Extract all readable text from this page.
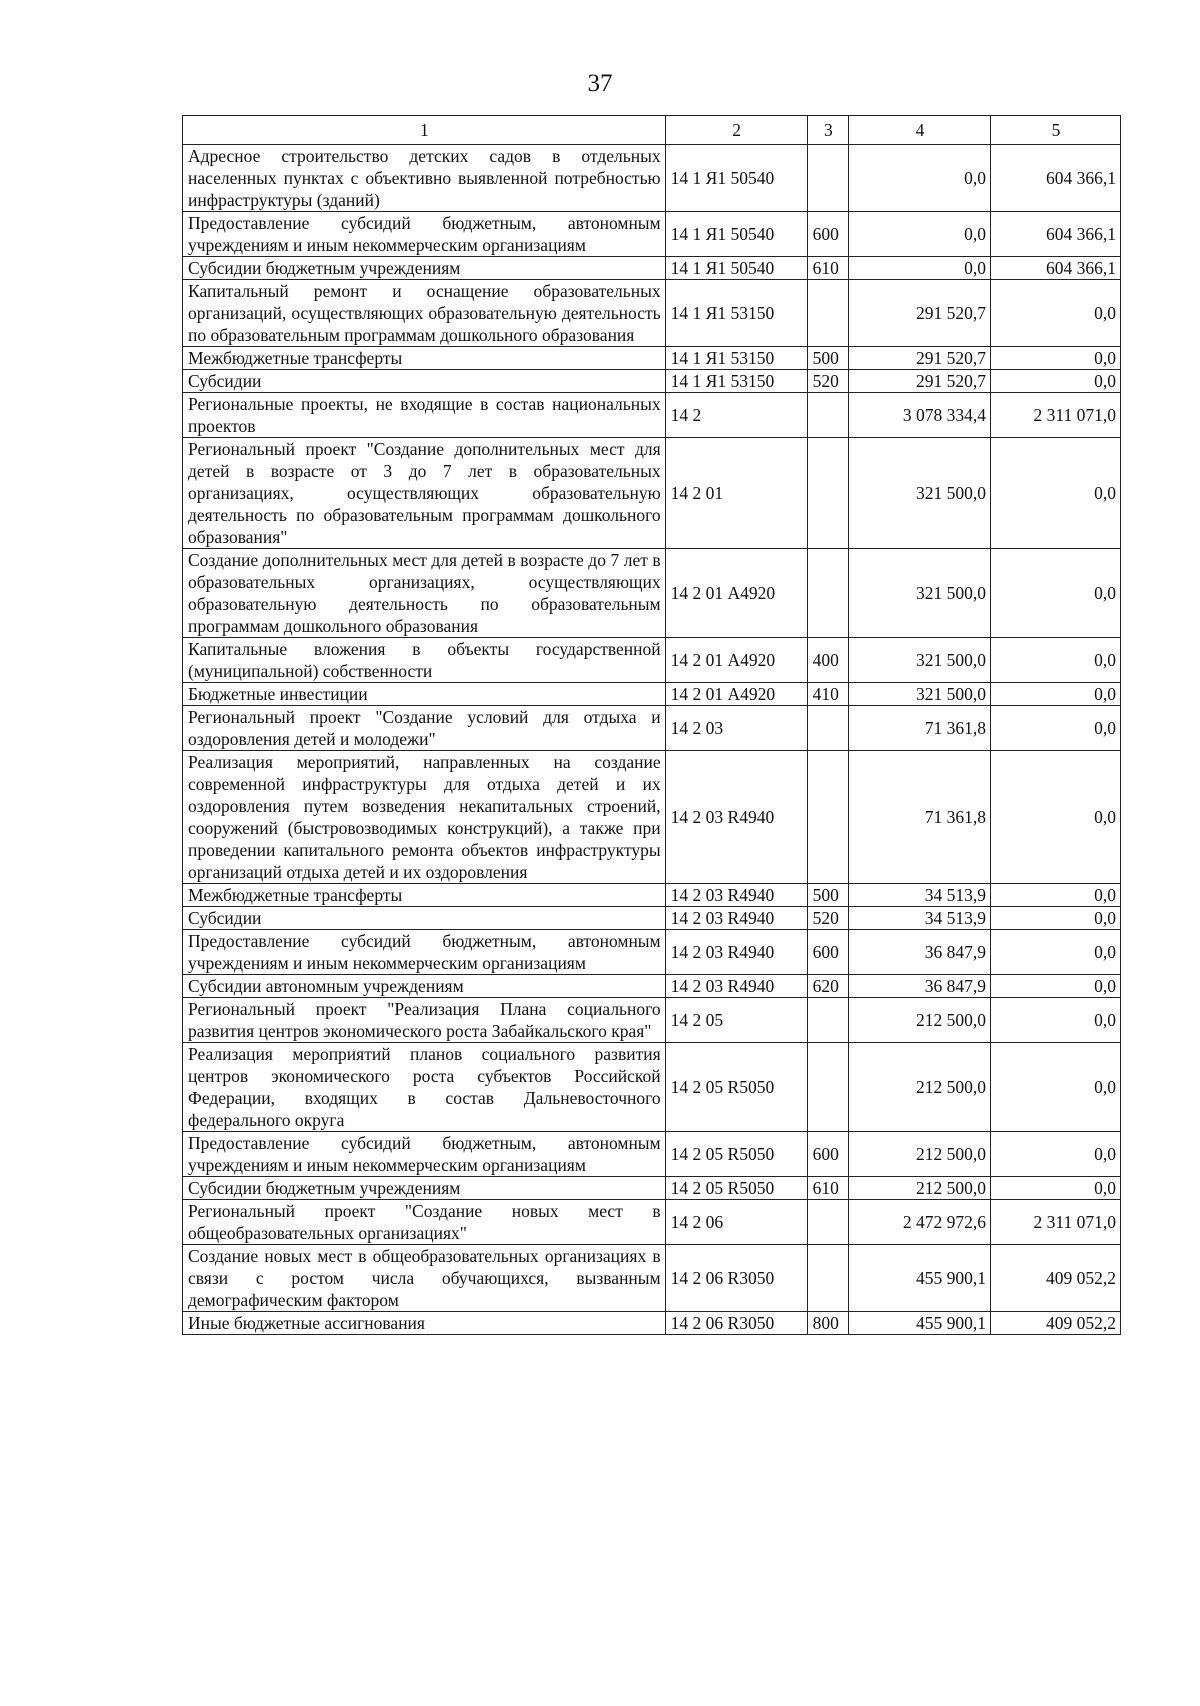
37
1	2	3	4	5
Адресное строительство детских садов в отдельных населенных пунктах с объективно выявленной потребностью инфраструктуры (зданий)	14 1 Я1 50540		0,0	604 366,1
Предоставление субсидий бюджетным, автономным учреждениям и иным некоммерческим организациям	14 1 Я1 50540	600	0,0	604 366,1
Субсидии бюджетным учреждениям	14 1 Я1 50540	610	0,0	604 366,1
Капитальный ремонт и оснащение образовательных организаций, осуществляющих образовательную деятельность по образовательным программам дошкольного образования	14 1 Я1 53150		291 520,7	0,0
Межбюджетные трансферты	14 1 Я1 53150	500	291 520,7	0,0
Субсидии	14 1 Я1 53150	520	291 520,7	0,0
Региональные проекты, не входящие в состав национальных проектов	14 2		3 078 334,4	2 311 071,0
Региональный проект "Создание дополнительных мест для детей в возрасте от 3 до 7 лет в образовательных организациях, осуществляющих образовательную деятельность по образовательным программам дошкольного образования"	14 2 01		321 500,0	0,0
Создание дополнительных мест для детей в возрасте до 7 лет в образовательных организациях, осуществляющих образовательную деятельность по образовательным программам дошкольного образования	14 2 01 А4920		321 500,0	0,0
Капитальные вложения в объекты государственной (муниципальной) собственности	14 2 01 А4920	400	321 500,0	0,0
Бюджетные инвестиции	14 2 01 А4920	410	321 500,0	0,0
Региональный проект "Создание условий для отдыха и оздоровления детей и молодежи"	14 2 03		71 361,8	0,0
Реализация мероприятий, направленных на создание современной инфраструктуры для отдыха детей и их оздоровления путем возведения некапитальных строений, сооружений (быстровозводимых конструкций), а также при проведении капитального ремонта объектов инфраструктуры организаций отдыха детей и их оздоровления	14 2 03 R4940		71 361,8	0,0
Межбюджетные трансферты	14 2 03 R4940	500	34 513,9	0,0
Субсидии	14 2 03 R4940	520	34 513,9	0,0
Предоставление субсидий бюджетным, автономным учреждениям и иным некоммерческим организациям	14 2 03 R4940	600	36 847,9	0,0
Субсидии автономным учреждениям	14 2 03 R4940	620	36 847,9	0,0
Региональный проект "Реализация Плана социального развития центров экономического роста Забайкальского края"	14 2 05		212 500,0	0,0
Реализация мероприятий планов социального развития центров экономического роста субъектов Российской Федерации, входящих в состав Дальневосточного федерального округа	14 2 05 R5050		212 500,0	0,0
Предоставление субсидий бюджетным, автономным учреждениям и иным некоммерческим организациям	14 2 05 R5050	600	212 500,0	0,0
Субсидии бюджетным учреждениям	14 2 05 R5050	610	212 500,0	0,0
Региональный проект "Создание новых мест в общеобразовательных организациях"	14 2 06		2 472 972,6	2 311 071,0
Создание новых мест в общеобразовательных организациях в связи с ростом числа обучающихся, вызванным демографическим фактором	14 2 06 R3050		455 900,1	409 052,2
Иные бюджетные ассигнования	14 2 06 R3050	800	455 900,1	409 052,2
